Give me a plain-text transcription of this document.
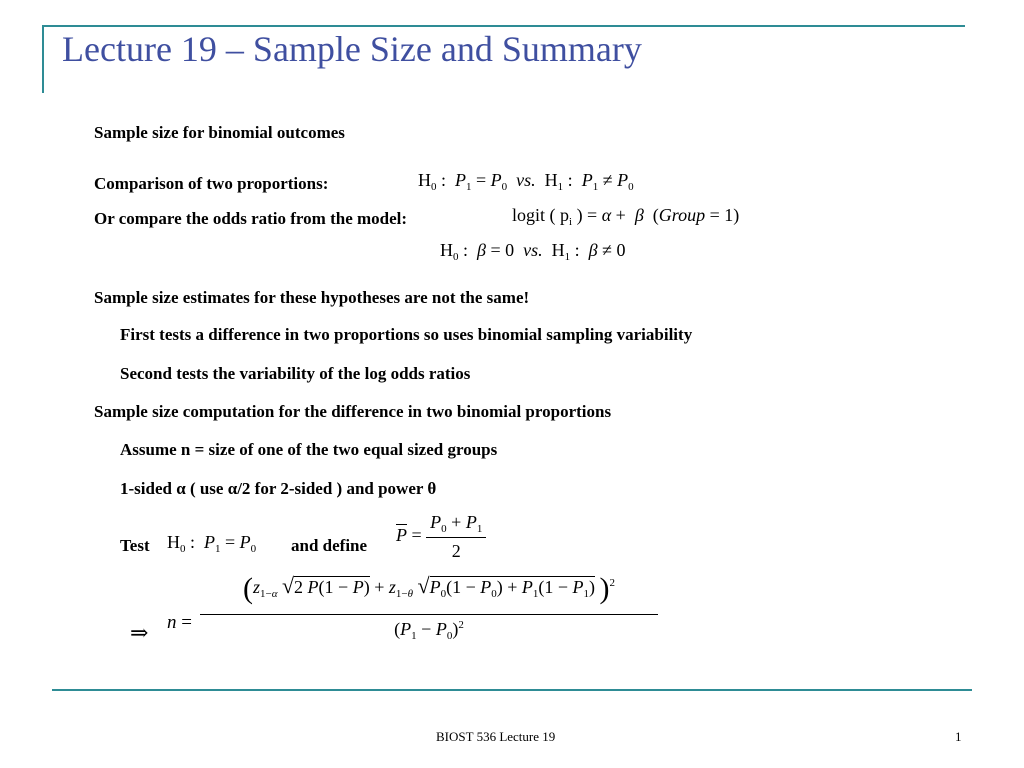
Lecture 19 – Sample Size and Summary
Sample size for binomial outcomes
Comparison of two proportions:	$H_0$ :  $P_1 = P_0$ vs.  $H_1$ :  $P_1 \ne P_0$
Or compare the odds ratio from the model:	logit ( $p_i$ ) = α +  β  (Group = 1)
$H_0$ :  β = 0  vs.  $H_1$ :  β ≠ 0
Sample size estimates for these hypotheses are not the same!
First tests a difference in two proportions so uses binomial sampling variability
Second tests the variability of the log odds ratios
Sample size computation for the difference in two binomial proportions
Assume n = size of one of the two equal sized groups
1-sided α ( use α/2 for 2-sided ) and power θ
Test $H_0$ :  $P_1 = P_0$ and define
$\overline{P} = \frac{P_0 + P_1}{2}$
⇒ n =
($z_{1-\alpha}$ √2 $\overline{P}(1 - \overline{P}) + z_{1-\theta}$ $√P_0(1 - P_0) + P_1(1 - P_1)$ )$^2$
$(P_1 - P_0)^2$
BIOST 536 Lecture 19	1
